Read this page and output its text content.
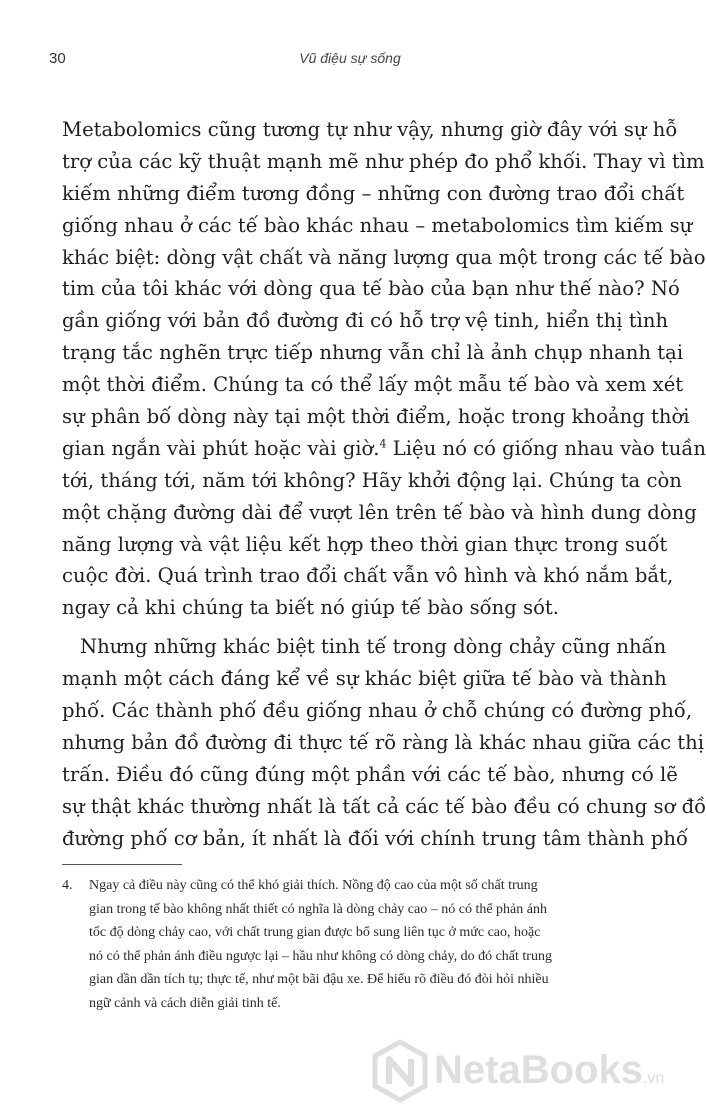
30	Vũ điệu sự sống

Metabolomics cũng tương tự như vậy, nhưng giờ đây với sự hỗ
trợ của các kỹ thuật mạnh mẽ như phép đo phổ khối. Thay vì tìm
kiếm những điểm tương đồng – những con đường trao đổi chất
giống nhau ở các tế bào khác nhau – metabolomics tìm kiếm sự
khác biệt: dòng vật chất và năng lượng qua một trong các tế bào
tim của tôi khác với dòng qua tế bào của bạn như thế nào? Nó
gần giống với bản đồ đường đi có hỗ trợ vệ tinh, hiển thị tình
trạng tắc nghẽn trực tiếp nhưng vẫn chỉ là ảnh chụp nhanh tại
một thời điểm. Chúng ta có thể lấy một mẫu tế bào và xem xét
sự phân bố dòng này tại một thời điểm, hoặc trong khoảng thời
gian ngắn vài phút hoặc vài giờ.$^4$ Liệu nó có giống nhau vào tuần
tới, tháng tới, năm tới không? Hãy khởi động lại. Chúng ta còn
một chặng đường dài để vượt lên trên tế bào và hình dung dòng
năng lượng và vật liệu kết hợp theo thời gian thực trong suốt
cuộc đời. Quá trình trao đổi chất vẫn vô hình và khó nắm bắt,
ngay cả khi chúng ta biết nó giúp tế bào sống sót.

Nhưng những khác biệt tinh tế trong dòng chảy cũng nhấn
mạnh một cách đáng kể về sự khác biệt giữa tế bào và thành
phố. Các thành phố đều giống nhau ở chỗ chúng có đường phố,
nhưng bản đồ đường đi thực tế rõ ràng là khác nhau giữa các thị
trấn. Điều đó cũng đúng một phần với các tế bào, nhưng có lẽ
sự thật khác thường nhất là tất cả các tế bào đều có chung sơ đồ
đường phố cơ bản, ít nhất là đối với chính trung tâm thành phố

4. Ngay cả điều này cũng có thể khó giải thích. Nồng độ cao của một số chất trung
gian trong tế bào không nhất thiết có nghĩa là dòng chảy cao – nó có thể phản ánh
tốc độ dòng chảy cao, với chất trung gian được bổ sung liên tục ở mức cao, hoặc
nó có thể phản ánh điều ngược lại – hầu như không có dòng chảy, do đó chất trung
gian dần dần tích tụ; thực tế, như một bãi đậu xe. Để hiểu rõ điều đó đòi hỏi nhiều
ngữ cảnh và cách diễn giải tinh tế.
NetaBooks.vn
